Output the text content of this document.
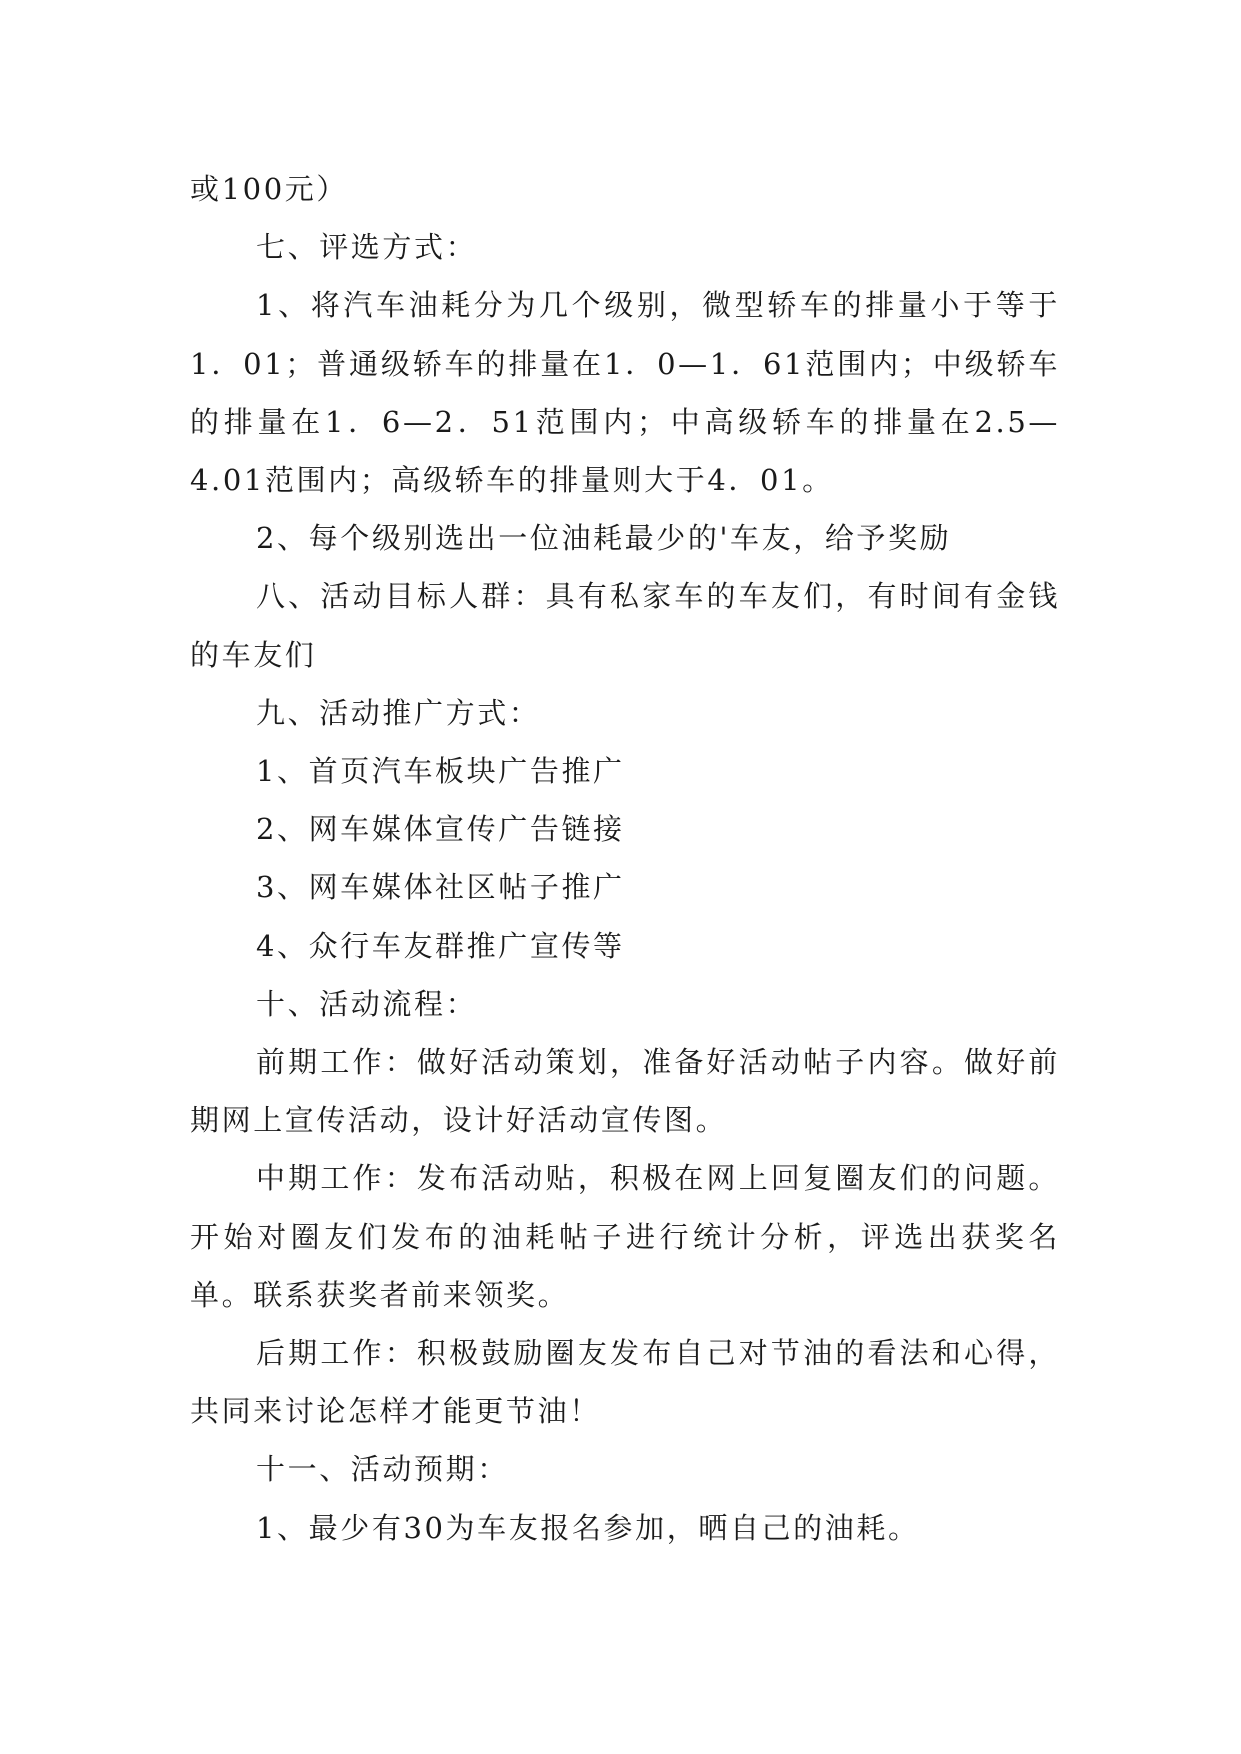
或100元）

七、评选方式：

1、将汽车油耗分为几个级别，微型轿车的排量小于等于1．01；普通级轿车的排量在1．0—1．61范围内；中级轿车的排量在1．6—2．51范围内；中高级轿车的排量在2.5—4.01范围内；高级轿车的排量则大于4．01。

2、每个级别选出一位油耗最少的'车友，给予奖励

八、活动目标人群：具有私家车的车友们，有时间有金钱的车友们

九、活动推广方式：

1、首页汽车板块广告推广

2、网车媒体宣传广告链接

3、网车媒体社区帖子推广

4、众行车友群推广宣传等

十、活动流程：

前期工作：做好活动策划，准备好活动帖子内容。做好前期网上宣传活动，设计好活动宣传图。

中期工作：发布活动贴，积极在网上回复圈友们的问题。开始对圈友们发布的油耗帖子进行统计分析，评选出获奖名单。联系获奖者前来领奖。

后期工作：积极鼓励圈友发布自己对节油的看法和心得，共同来讨论怎样才能更节油！

十一、活动预期：

1、最少有30为车友报名参加，晒自己的油耗。
